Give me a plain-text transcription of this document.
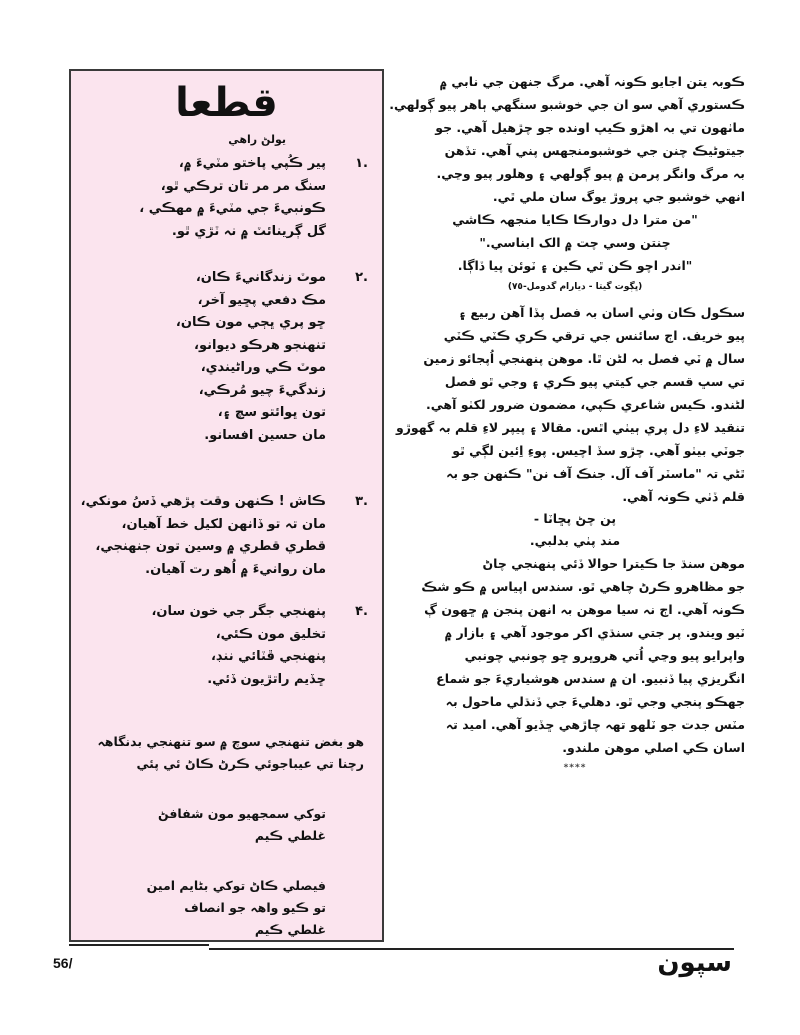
قطعا
يولڻ راهي
.١
پير ڪُپي پاختو مٽيءَ ۾،
سنگ مر مر تان ترڪي ٿو،
ڪونبيءَ جي مٽيءَ ۾ مهڪي ،
گل ڳرينائٽ ۾ نہ ٽڙي ٿو.
.٢
موٽ زندگانيءَ ڪان،
مڪ دفعي پڇيو آخر،
ڇو پري ڀڄي مون ڪان،
تنهنجو هرڪو ديوانو،
موٽ ڪي وراڻيندي،
زندگيءَ چيو مُرڪي،
تون ڀوائتو سچ ۽،
مان حسين افسانو.
.٣
ڪاش ! ڪنهن وقت پڙهي ڏسُ مونکي،
مان تہ تو ڏانهن لکيل خط آهيان،
قطري قطري ۾ وسين تون جنهنجي،
مان روانيءَ ۾ اُهو رت آهيان.
.۴
پنهنجي جگر جي خون سان،
تخليق مون ڪئي،
پنهنجي ڦٽائي ننڊ،
ڇڏيم راتڙيون ڏئي.
هو بغض تنهنجي سوچ ۾ سو تنهنجي بدنگاهہ
رچنا تي عيباجوئي ڪرڻ ڪاڻ ئي پئي
توکي سمجهيو مون شفافڻ
غلطي ڪيم
فيصلي ڪاڻ توکي بڻايم امين
تو ڪيو واهہ جو انصاف
غلطي ڪيم
ڪوبہ يتن اجايو ڪونہ آهي. مرگ جنهن جي نابي ۾
ڪستوري آهي سو ان جي خوشبو سنگهي ٻاهر پيو ڳولهي.
ماٺهون تي بہ اهڙو ڪيپ اونده جو چڙهيل آهي. جو
جيتوڻيڪ چنن جي خوشبومنجهس پني آهي. تڏهن
بہ مرگ وانگر پرمن ۾ پيو ڳولهي ۽ وهلور پيو وڃي.
انهي خوشبو جي پروڙ يوگ سان ملي ٿي.
"من مترا دل دوارڪا ڪايا منجهہ ڪاشي
چنتن وسي چت ۾ الک ابناسي."
"اندر اچو ڪن ٿي ڪين ۽ ٽوئن پيا ڏاڳا.
(ڀڳوت گيتا - ديارام گدومل-٧٥)
سڪول ڪان وٺي اسان بہ فصل پڏا آهن ربيع ۽
پيو خريف. اڄ سائنس جي ترقي ڪري ڪٽي ڪٽي
سال ۾ ٽي فصل بہ لڻن ٿا. موهن پنهنجي اُپجائو زمين
تي سڀ قسم جي کيتي پيو ڪري ۽ وجي ٿو فصل
لڻندو. ڪيس شاعري ڪپي، مضمون ضرور لکٺو آهي.
تنقيد لاءِ دل پري ٻيٺي اٿس. مقالا ۽ پيپر لاءِ قلم بہ گهوڙو
جوٽي بيٺو آهي. چڙو سڏ اچيس. پوءِ اِئين لڳي ٿو
ٿڻي تہ "ماسٽر آف آل. جنڪ آف نن" ڪنهن جو بہ
قلم ڏٺي ڪونہ آهي.
پن چڻ پڇاٽا -
مند پٺي بدلبي.
موهن سنڌ جا ڪيترا حوالا ڏئي پنهنجي چاڻ
جو مظاهرو ڪرڻ چاهي ٿو. سندس اپياس ۾ ڪو شڪ
ڪونہ آهي. اڄ نہ سيا موهن بہ انهن پنجن ۾ ڇهون ڳ
ٽيو ويندو. پر جتي سنڌي اکر موجود آهي ۽ بازار ۾
واپرايو پيو وڃي اُتي هروڀرو ڇو چونبي چونبي
انگريزي پيا ڏنبيو. ان ۾ سندس هوشياريءَ جو شماع
جهڪو پنجي وجي ٿو. دهليءَ جي ڏنڌلي ماحول بہ
مٽس جدت جو ٽلهو تهہ چاڙهي ڇڏيو آهي. اميد تہ
اسان ڪي اصلي موهن ملندو.
****
56/	سپون
